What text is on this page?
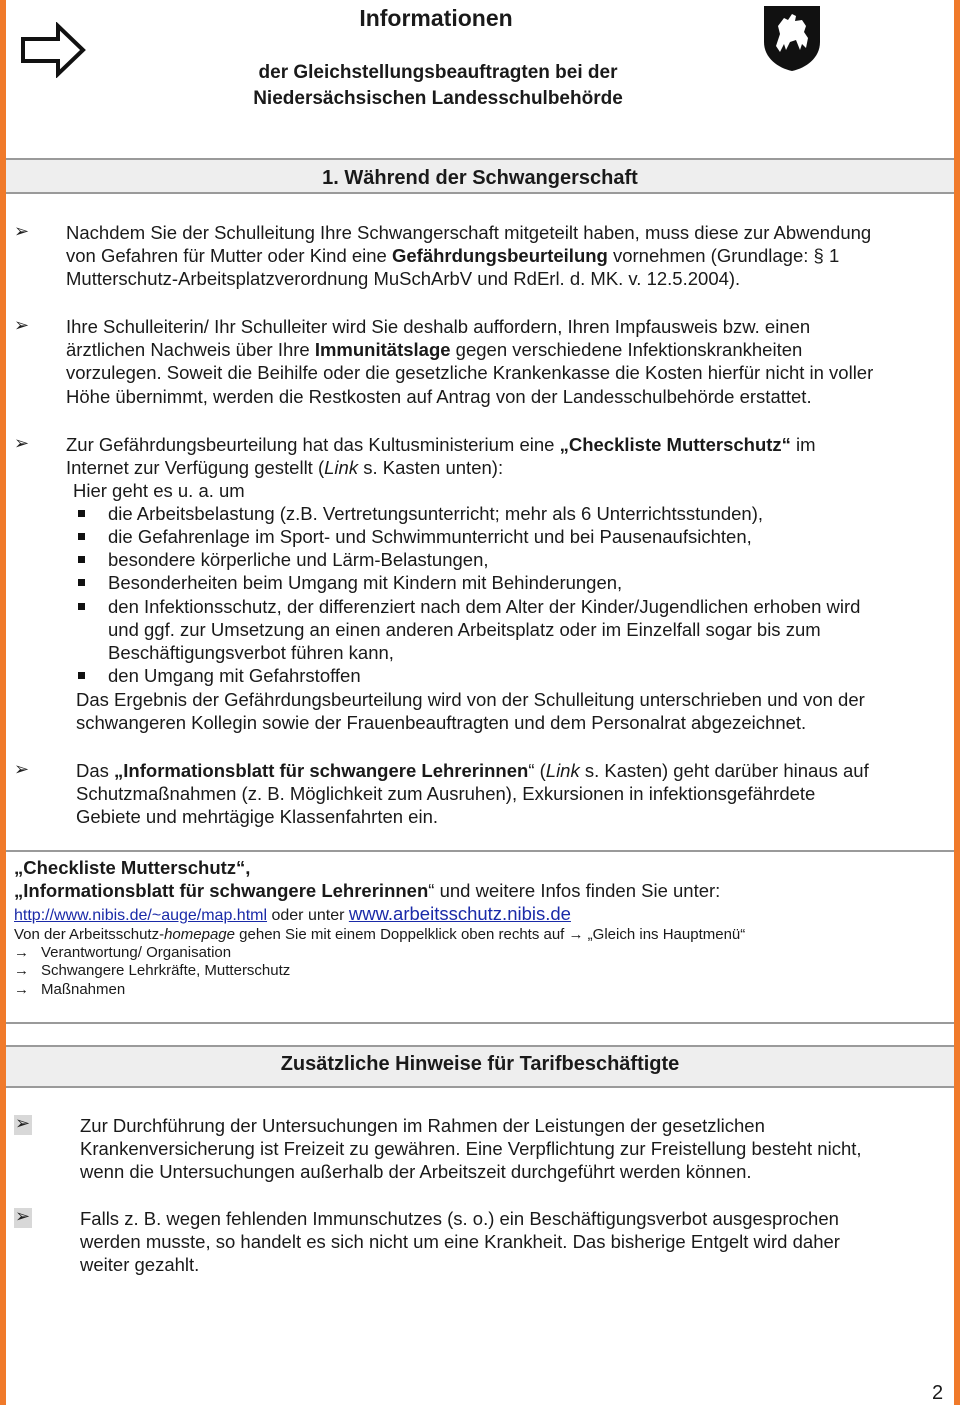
Informationen
der Gleichstellungsbeauftragten bei der
Niedersächsischen Landesschulbehörde
1. Während der Schwangerschaft
➢ Nachdem Sie der Schulleitung Ihre Schwangerschaft mitgeteilt haben, muss diese zur Abwendung
von Gefahren für Mutter oder Kind eine Gefährdungsbeurteilung vornehmen (Grundlage: § 1
Mutterschutz-Arbeitsplatzverordnung MuSchArbV und RdErl. d. MK. v. 12.5.2004).
➢ Ihre Schulleiterin/ Ihr Schulleiter wird Sie deshalb auffordern, Ihren Impfausweis bzw. einen
ärztlichen Nachweis über Ihre Immunitätslage gegen verschiedene Infektionskrankheiten
vorzulegen. Soweit die Beihilfe oder die gesetzliche Krankenkasse die Kosten hierfür nicht in voller
Höhe übernimmt, werden die Restkosten auf Antrag von der Landesschulbehörde erstattet.
➢ Zur Gefährdungsbeurteilung hat das Kultusministerium eine „Checkliste Mutterschutz“ im
Internet zur Verfügung gestellt (Link s. Kasten unten):
Hier geht es u. a. um
die Arbeitsbelastung (z.B. Vertretungsunterricht; mehr als 6 Unterrichtsstunden),
die Gefahrenlage im Sport- und Schwimmunterricht und bei Pausenaufsichten,
besondere körperliche und Lärm-Belastungen,
Besonderheiten beim Umgang mit Kindern mit Behinderungen,
den Infektionsschutz, der differenziert nach dem Alter der Kinder/Jugendlichen erhoben wird
und ggf. zur Umsetzung an einen anderen Arbeitsplatz oder im Einzelfall sogar bis zum
Beschäftigungsverbot führen kann,
den Umgang mit Gefahrstoffen
Das Ergebnis der Gefährdungsbeurteilung wird von der Schulleitung unterschrieben und von der
schwangeren Kollegin sowie der Frauenbeauftragten und dem Personalrat abgezeichnet.
➢	Das „Informationsblatt für schwangere Lehrerinnen“ (Link s. Kasten) geht darüber hinaus auf
Schutzmaßnahmen (z. B. Möglichkeit zum Ausruhen), Exkursionen in infektionsgefährdete
Gebiete und mehrtägige Klassenfahrten ein.
„Checkliste Mutterschutz“,
„Informationsblatt für schwangere Lehrerinnen“ und weitere Infos finden Sie unter:
http://www.nibis.de/~auge/map.html oder unter www.arbeitsschutz.nibis.de
Von der Arbeitsschutz-homepage gehen Sie mit einem Doppelklick oben rechts auf → „Gleich ins Hauptmenü“
→ Verantwortung/ Organisation
→ Schwangere Lehrkräfte, Mutterschutz
→ Maßnahmen
Zusätzliche Hinweise für Tarifbeschäftigte
➢	Zur Durchführung der Untersuchungen im Rahmen der Leistungen der gesetzlichen
Krankenversicherung ist Freizeit zu gewähren. Eine Verpflichtung zur Freistellung besteht nicht,
wenn die Untersuchungen außerhalb der Arbeitszeit durchgeführt werden können.
➢	Falls z. B. wegen fehlenden Immunschutzes (s. o.) ein Beschäftigungsverbot ausgesprochen
werden musste, so handelt es sich nicht um eine Krankheit. Das bisherige Entgelt wird daher
weiter gezahlt.
2
